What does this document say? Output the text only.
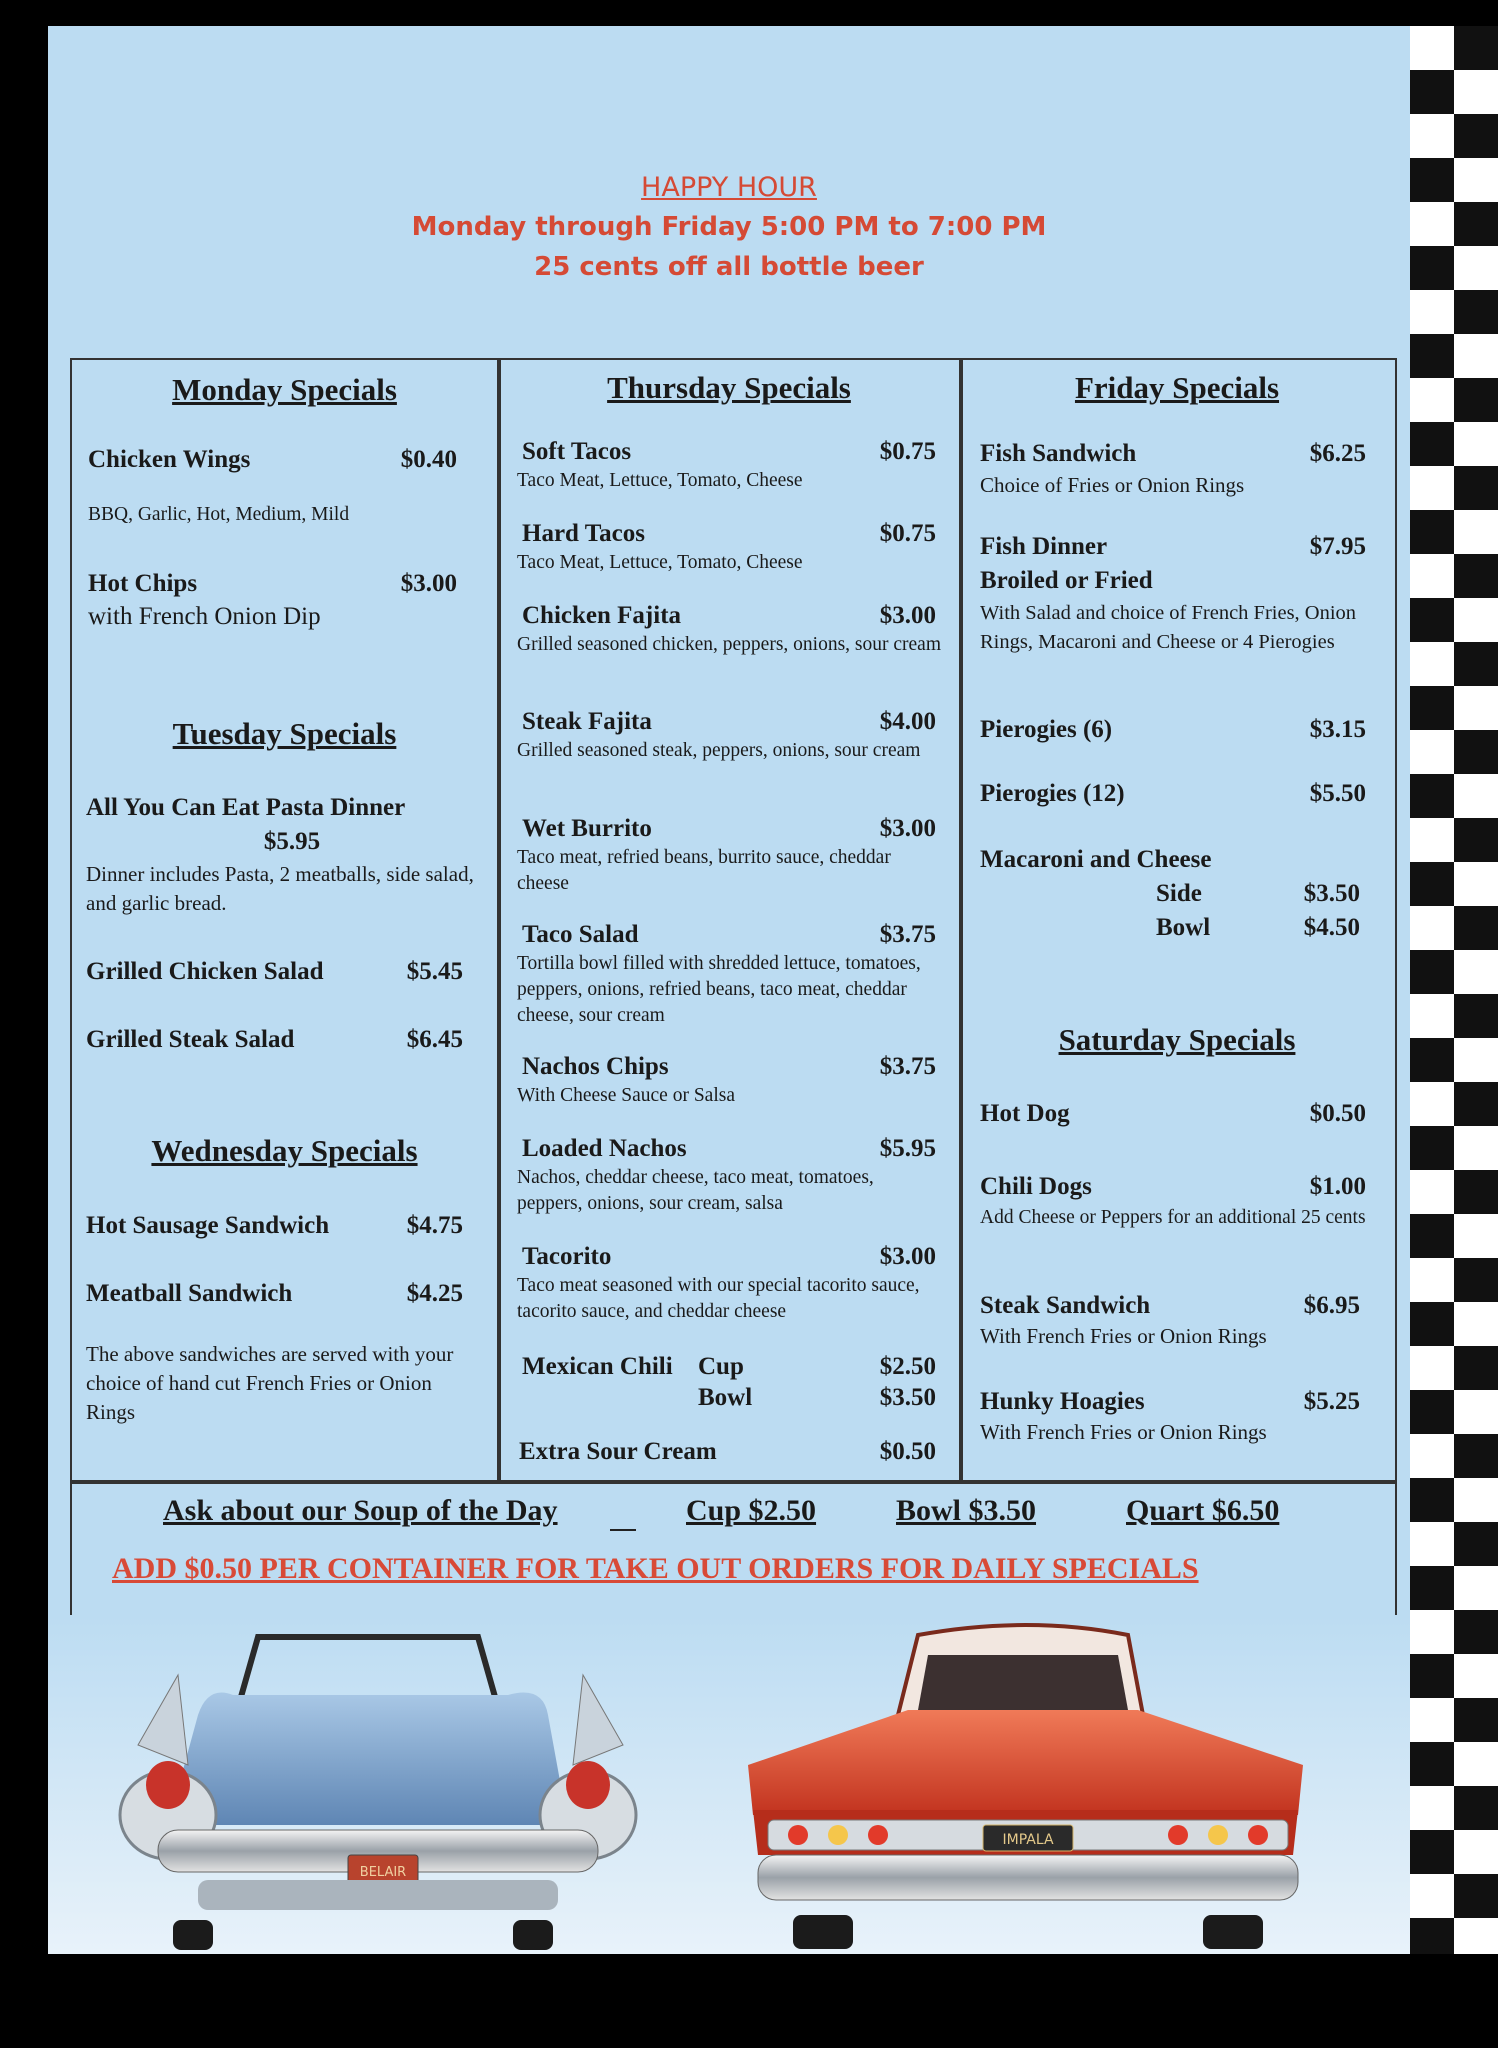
HAPPY HOUR
Monday through Friday 5:00 PM to 7:00 PM
25 cents off all bottle beer
Monday Specials
Chicken Wings	$0.40
BBQ, Garlic, Hot, Medium, Mild
Hot Chips	$3.00
with French Onion Dip
Tuesday Specials
All You Can Eat Pasta Dinner
$5.95
Dinner includes Pasta, 2 meatballs, side salad, and garlic bread.
Grilled Chicken Salad	$5.45
Grilled Steak Salad	$6.45
Wednesday Specials
Hot Sausage Sandwich	$4.75
Meatball Sandwich	$4.25
The above sandwiches are served with your choice of hand cut French Fries or Onion Rings
Thursday Specials
Soft Tacos	$0.75
Taco Meat, Lettuce, Tomato, Cheese
Hard Tacos	$0.75
Taco Meat, Lettuce, Tomato, Cheese
Chicken Fajita	$3.00
Grilled seasoned chicken, peppers, onions, sour cream
Steak Fajita	$4.00
Grilled seasoned steak, peppers, onions, sour cream
Wet Burrito	$3.00
Taco meat, refried beans, burrito sauce, cheddar cheese
Taco Salad	$3.75
Tortilla bowl filled with shredded lettuce, tomatoes, peppers, onions, refried beans, taco meat, cheddar cheese, sour cream
Nachos Chips	$3.75
With Cheese Sauce or Salsa
Loaded Nachos	$5.95
Nachos, cheddar cheese, taco meat, tomatoes, peppers, onions, sour cream, salsa
Tacorito	$3.00
Taco meat seasoned with our special tacorito sauce, tacorito sauce, and cheddar cheese
Mexican Chili Cup	$2.50
Bowl	$3.50
Extra Sour Cream	$0.50
Friday Specials
Fish Sandwich	$6.25
Choice of Fries or Onion Rings
Fish Dinner	$7.95
Broiled or Fried
With Salad and choice of French Fries, Onion Rings, Macaroni and Cheese or 4 Pierogies
Pierogies (6)	$3.15
Pierogies (12)	$5.50
Macaroni and Cheese
Side	$3.50
Bowl	$4.50
Saturday Specials
Hot Dog	$0.50
Chili Dogs	$1.00
Add Cheese or Peppers for an additional 25 cents
Steak Sandwich	$6.95
With French Fries or Onion Rings
Hunky Hoagies	$5.25
With French Fries or Onion Rings
Ask about our Soup of the Day	Cup $2.50	Bowl $3.50	Quart $6.50
ADD $0.50 PER CONTAINER FOR TAKE OUT ORDERS FOR DAILY SPECIALS
BELAIR
IMPALA
